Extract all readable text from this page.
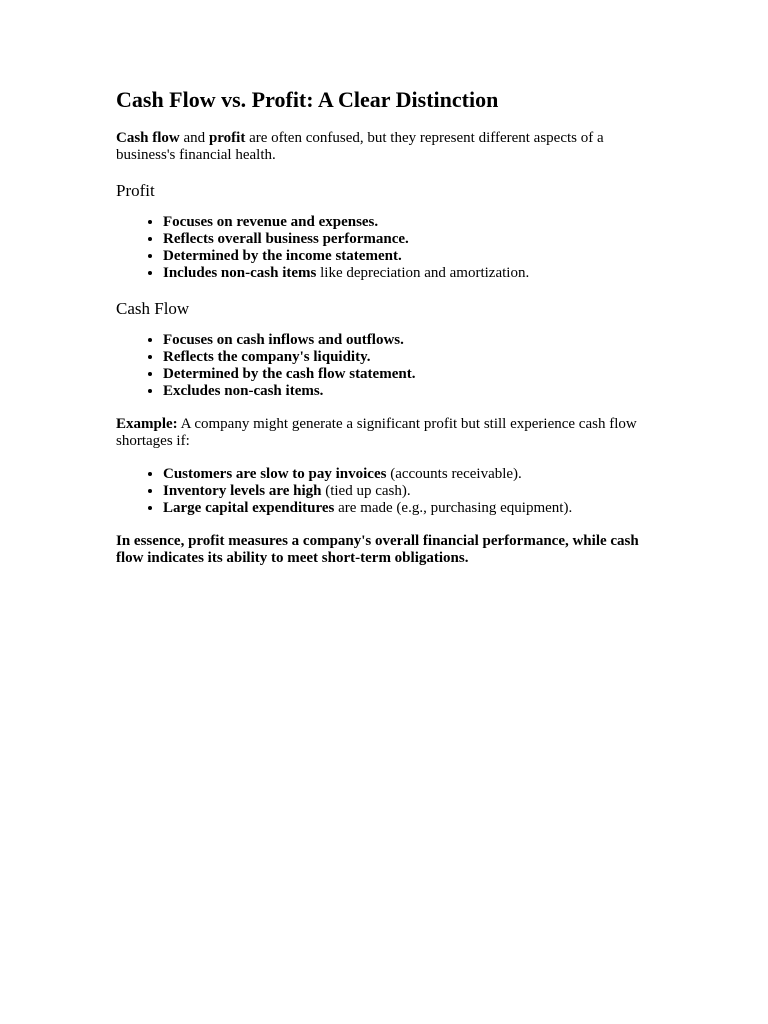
Cash Flow vs. Profit: A Clear Distinction

Cash flow and profit are often confused, but they represent different aspects of a business's financial health.

Profit
• Focuses on revenue and expenses.
• Reflects overall business performance.
• Determined by the income statement.
• Includes non-cash items like depreciation and amortization.
Cash Flow
• Focuses on cash inflows and outflows.
• Reflects the company's liquidity.
• Determined by the cash flow statement.
• Excludes non-cash items.

Example: A company might generate a significant profit but still experience cash flow shortages if:

• Customers are slow to pay invoices (accounts receivable).
• Inventory levels are high (tied up cash).
• Large capital expenditures are made (e.g., purchasing equipment).

In essence, profit measures a company's overall financial performance, while cash flow indicates its ability to meet short-term obligations.
